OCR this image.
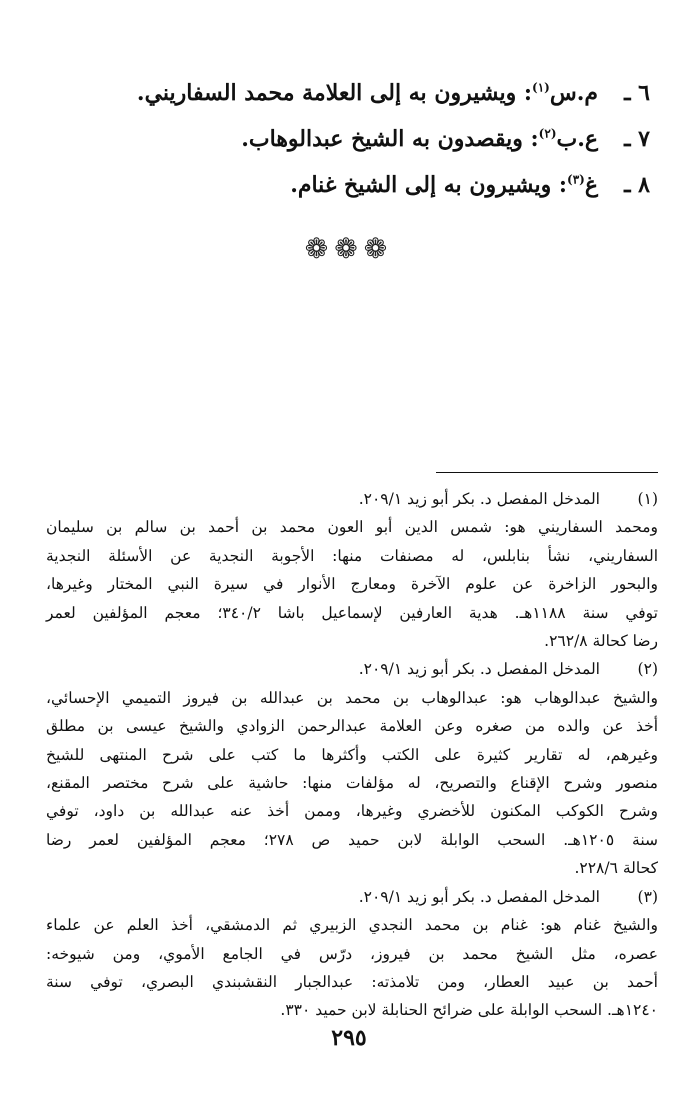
٦ ـ
م.س$^{(١)}$: ويشيرون به إلى العلامة محمد السفاريني.
٧ ـ
ع.ب$^{(٢)}$: ويقصدون به الشيخ عبدالوهاب.
٨ ـ
غ$^{(٣)}$: ويشيرون به إلى الشيخ غنام.
❁❁❁
(١)
المدخل المفصل د. بكر أبو زيد ٢٠٩/١.
ومحمد السفاريني هو: شمس الدين أبو العون محمد بن أحمد بن سالم بن سليمان
السفاريني، نشأ بنابلس، له مصنفات منها: الأجوبة النجدية عن الأسئلة النجدية
والبحور الزاخرة عن علوم الآخرة ومعارج الأنوار في سيرة النبي المختار وغيرها،
توفي سنة ١١٨٨هـ. هدية العارفين لإسماعيل باشا ٣٤٠/٢؛ معجم المؤلفين لعمر
رضا كحالة ٢٦٢/٨.
(٢)
المدخل المفصل د. بكر أبو زيد ٢٠٩/١.
والشيخ عبدالوهاب هو: عبدالوهاب بن محمد بن عبدالله بن فيروز التميمي الإحسائي،
أخذ عن والده من صغره وعن العلامة عبدالرحمن الزوادي والشيخ عيسى بن مطلق
وغيرهم، له تقارير كثيرة على الكتب وأكثرها ما كتب على شرح المنتهى للشيخ
منصور وشرح الإقناع والتصريح، له مؤلفات منها: حاشية على شرح مختصر المقنع،
وشرح الكوكب المكنون للأخضري وغيرها، وممن أخذ عنه عبدالله بن داود، توفي
سنة ١٢٠٥هـ. السحب الوابلة لابن حميد ص ٢٧٨؛ معجم المؤلفين لعمر رضا
كحالة ٢٢٨/٦.
(٣)
المدخل المفصل د. بكر أبو زيد ٢٠٩/١.
والشيخ غنام هو: غنام بن محمد النجدي الزبيري ثم الدمشقي، أخذ العلم عن علماء
عصره، مثل الشيخ محمد بن فيروز، درّس في الجامع الأموي، ومن شيوخه:
أحمد بن عبيد العطار، ومن تلامذته: عبدالجبار النقشبندي البصري، توفي سنة
١٢٤٠هـ. السحب الوابلة على ضرائح الحنابلة لابن حميد ٣٣٠.
٢٩٥
